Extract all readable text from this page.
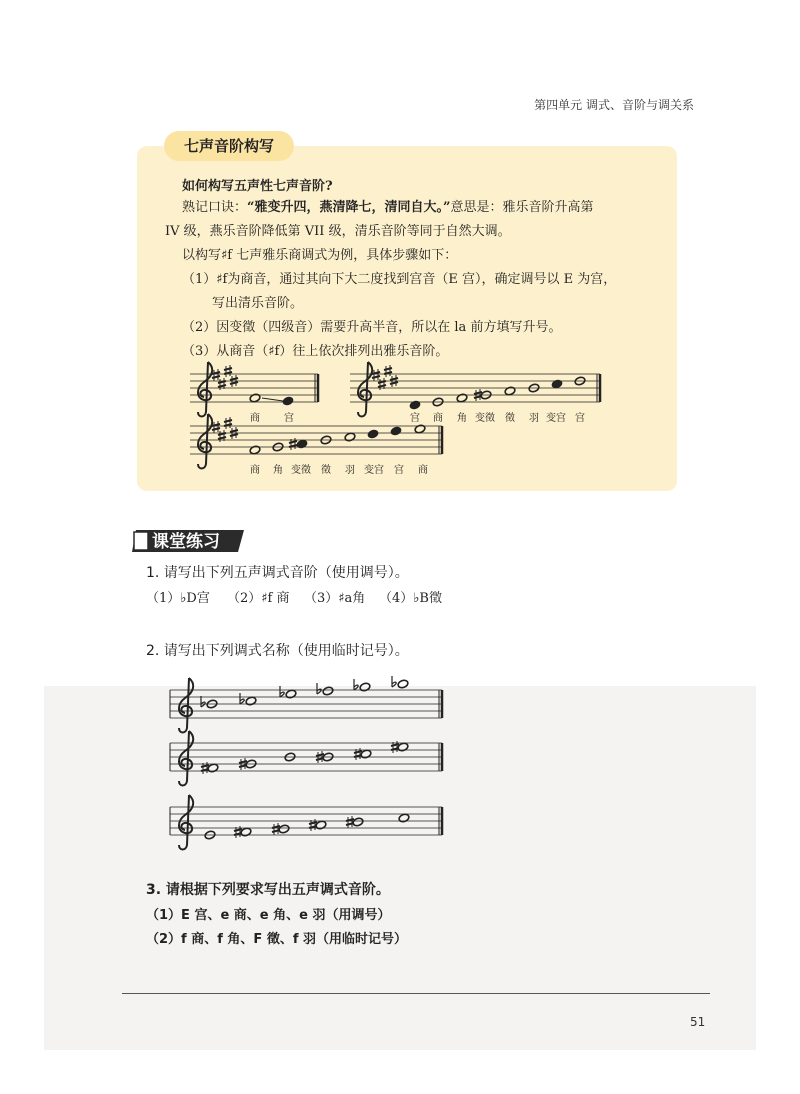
第四单元 调式、音阶与调关系
七声音阶构写
如何构写五声性七声音阶?
熟记口诀：“雅变升四，燕清降七，清同自大。”意思是：雅乐音阶升高第
IV 级，燕乐音阶降低第 VII 级，清乐音阶等同于自然大调。
以构写♯f 七声雅乐商调式为例，具体步骤如下：
（1）♯f为商音，通过其向下大二度找到宫音（E 宫），确定调号以 E 为宫，
写出清乐音阶。
（2）因变徵（四级音）需要升高半音，所以在 la 前方填写升号。
（3）从商音（♯f）往上依次排列出雅乐音阶。
商 宫	宫 商 角 变徵 徵 羽 变宫 宫
商 角 变徵 徵 羽 变宫 宫 商
课堂练习
1. 请写出下列五声调式音阶（使用调号）。
（1）♭D宫 （2）♯f 商 （3）♯a角 （4）♭B徵
2. 请写出下列调式名称（使用临时记号）。
3. 请根据下列要求写出五声调式音阶。
（1）E 宫、e 商、e 角、e 羽（用调号）
（2）f 商、f 角、F 徵、f 羽（用临时记号）
51
